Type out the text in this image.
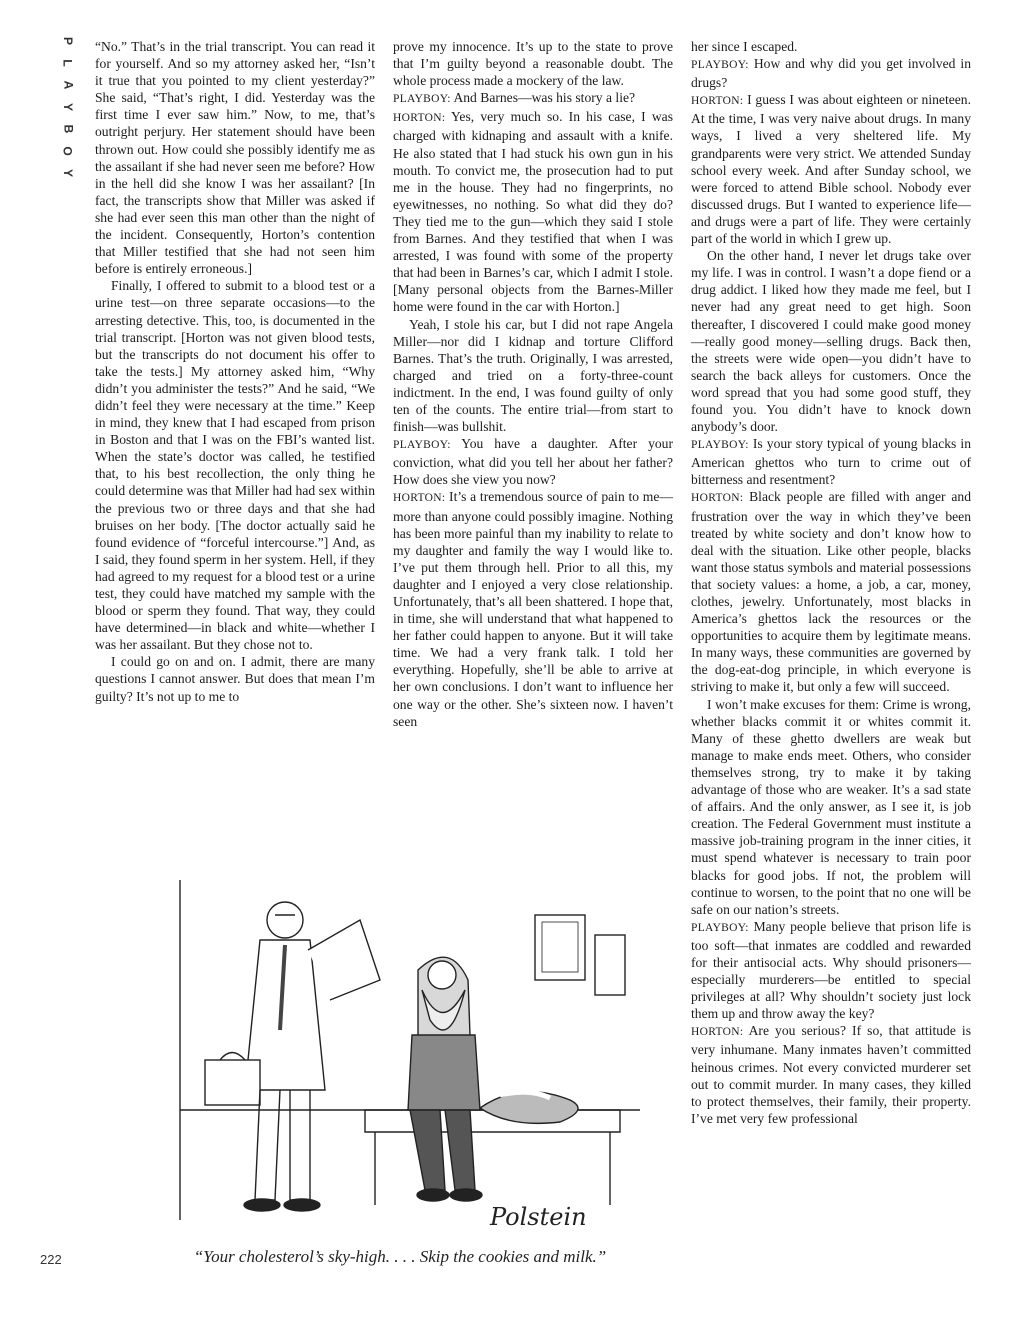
P
L
A
Y
B
O
Y

“No.” That’s in the trial transcript. You can read it for yourself. And so my attorney asked her, “Isn’t it true that you pointed to my client yesterday?” She said, “That’s right, I did. Yesterday was the first time I ever saw him.” Now, to me, that’s outright perjury. Her statement should have been thrown out. How could she possibly identify me as the assailant if she had never seen me before? How in the hell did she know I was her assailant? [In fact, the transcripts show that Miller was asked if she had ever seen this man other than the night of the incident. Consequently, Horton’s contention that Miller testified that she had not seen him before is entirely erroneous.]

Finally, I offered to submit to a blood test or a urine test—on three separate occasions—to the arresting detective. This, too, is documented in the trial transcript. [Horton was not given blood tests, but the transcripts do not document his offer to take the tests.] My attorney asked him, “Why didn’t you administer the tests?” And he said, “We didn’t feel they were necessary at the time.” Keep in mind, they knew that I had escaped from prison in Boston and that I was on the FBI’s wanted list. When the state’s doctor was called, he testified that, to his best recollection, the only thing he could determine was that Miller had had sex within the previous two or three days and that she had bruises on her body. [The doctor actually said he found evidence of “forceful intercourse.”] And, as I said, they found sperm in her system. Hell, if they had agreed to my request for a blood test or a urine test, they could have matched my sample with the blood or sperm they found. That way, they could have determined—in black and white—whether I was her assailant. But they chose not to.

I could go on and on. I admit, there are many questions I cannot answer. But does that mean I’m guilty? It’s not up to me to

prove my innocence. It’s up to the state to prove that I’m guilty beyond a reasonable doubt. The whole process made a mockery of the law.

PLAYBOY: And Barnes—was his story a lie?

HORTON: Yes, very much so. In his case, I was charged with kidnaping and assault with a knife. He also stated that I had stuck his own gun in his mouth. To convict me, the prosecution had to put me in the house. They had no fingerprints, no eyewitnesses, no nothing. So what did they do? They tied me to the gun—which they said I stole from Barnes. And they testified that when I was arrested, I was found with some of the property that had been in Barnes’s car, which I admit I stole. [Many personal objects from the Barnes-Miller home were found in the car with Horton.]

Yeah, I stole his car, but I did not rape Angela Miller—nor did I kidnap and torture Clifford Barnes. That’s the truth. Originally, I was arrested, charged and tried on a forty-three-count indictment. In the end, I was found guilty of only ten of the counts. The entire trial—from start to finish—was bullshit.

PLAYBOY: You have a daughter. After your conviction, what did you tell her about her father? How does she view you now?

HORTON: It’s a tremendous source of pain to me—more than anyone could possibly imagine. Nothing has been more painful than my inability to relate to my daughter and family the way I would like to. I’ve put them through hell. Prior to all this, my daughter and I enjoyed a very close relationship. Unfortunately, that’s all been shattered. I hope that, in time, she will understand that what happened to her father could happen to anyone. But it will take time. We had a very frank talk. I told her everything. Hopefully, she’ll be able to arrive at her own conclusions. I don’t want to influence her one way or the other. She’s sixteen now. I haven’t seen

her since I escaped.

PLAYBOY: How and why did you get involved in drugs?

HORTON: I guess I was about eighteen or nineteen. At the time, I was very naive about drugs. In many ways, I lived a very sheltered life. My grandparents were very strict. We attended Sunday school every week. And after Sunday school, we were forced to attend Bible school. Nobody ever discussed drugs. But I wanted to experience life—and drugs were a part of life. They were certainly part of the world in which I grew up.

On the other hand, I never let drugs take over my life. I was in control. I wasn’t a dope fiend or a drug addict. I liked how they made me feel, but I never had any great need to get high. Soon thereafter, I discovered I could make good money—really good money—selling drugs. Back then, the streets were wide open—you didn’t have to search the back alleys for customers. Once the word spread that you had some good stuff, they found you. You didn’t have to knock down anybody’s door.

PLAYBOY: Is your story typical of young blacks in American ghettos who turn to crime out of bitterness and resentment?

HORTON: Black people are filled with anger and frustration over the way in which they’ve been treated by white society and don’t know how to deal with the situation. Like other people, blacks want those status symbols and material possessions that society values: a home, a job, a car, money, clothes, jewelry. Unfortunately, most blacks in America’s ghettos lack the resources or the opportunities to acquire them by legitimate means. In many ways, these communities are governed by the dog-eat-dog principle, in which everyone is striving to make it, but only a few will succeed.

I won’t make excuses for them: Crime is wrong, whether blacks commit it or whites commit it. Many of these ghetto dwellers are weak but manage to make ends meet. Others, who consider themselves strong, try to make it by taking advantage of those who are weaker. It’s a sad state of affairs. And the only answer, as I see it, is job creation. The Federal Government must institute a massive job-training program in the inner cities, it must spend whatever is necessary to train poor blacks for good jobs. If not, the problem will continue to worsen, to the point that no one will be safe on our nation’s streets.

PLAYBOY: Many people believe that prison life is too soft—that inmates are coddled and rewarded for their antisocial acts. Why should prisoners—especially murderers—be entitled to special privileges at all? Why shouldn’t society just lock them up and throw away the key?

HORTON: Are you serious? If so, that attitude is very inhumane. Many inmates haven’t committed heinous crimes. Not every convicted murderer set out to commit murder. In many cases, they killed to protect themselves, their family, their property. I’ve met very few professional

Polstein
“Your cholesterol’s sky-high. . . . Skip the cookies and milk.”
222
